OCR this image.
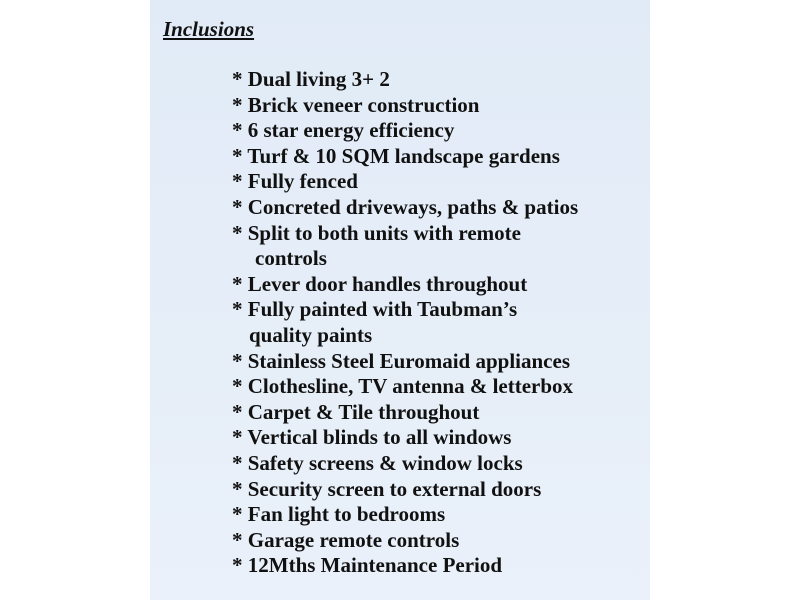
Inclusions
* Dual living 3+ 2
* Brick veneer construction
* 6 star energy efficiency
* Turf & 10 SQM landscape gardens
* Fully fenced
* Concreted driveways, paths & patios
* Split to both units with remote
controls
* Lever door handles throughout
* Fully painted with Taubman’s
quality paints
* Stainless Steel Euromaid appliances
* Clothesline, TV antenna & letterbox
* Carpet & Tile throughout
* Vertical blinds to all windows
* Safety screens & window locks
* Security screen to external doors
* Fan light to bedrooms
* Garage remote controls
* 12Mths Maintenance Period
